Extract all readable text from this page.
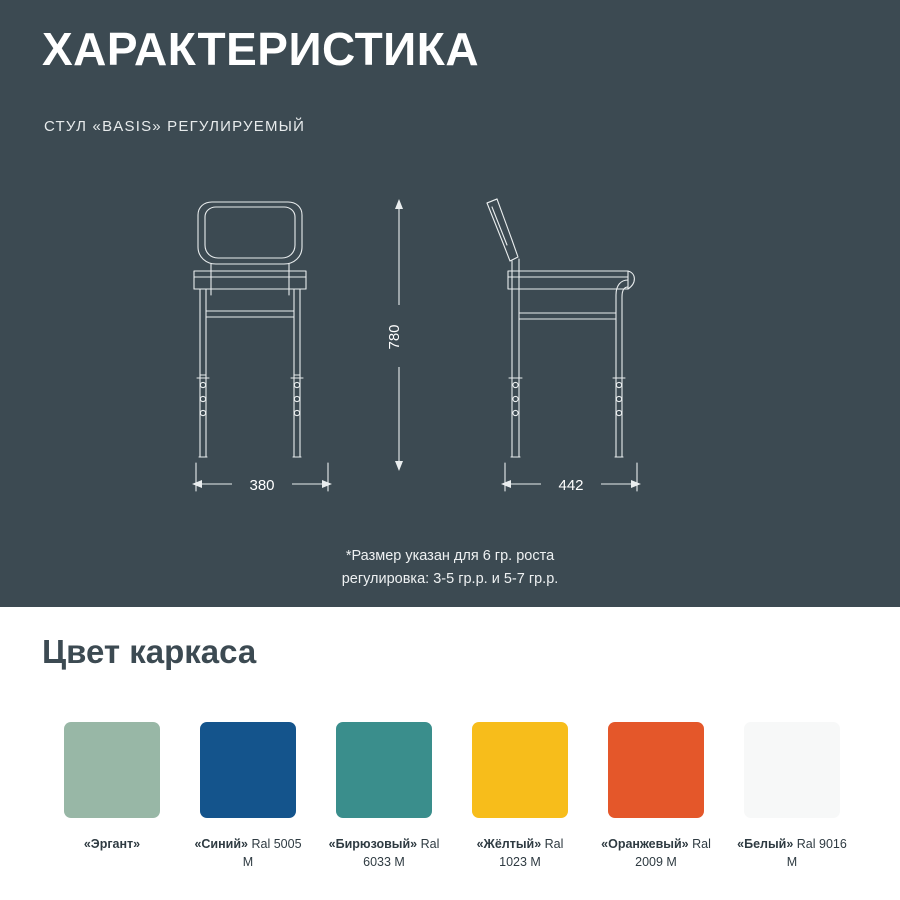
ХАРАКТЕРИСТИКА
СТУЛ «BASIS» РЕГУЛИРУЕМЫЙ
780
380	442
*Размер указан для 6 гр. роста
регулировка: 3-5 гр.р. и 5-7 гр.р.
Цвет каркаса
«Эргант»	«Синий» Ral 5005 M
«Бирюзовый» Ral 6033 M
«Жёлтый» Ral 1023 M
«Оранжевый» Ral 2009 M
«Белый» Ral 9016 M
